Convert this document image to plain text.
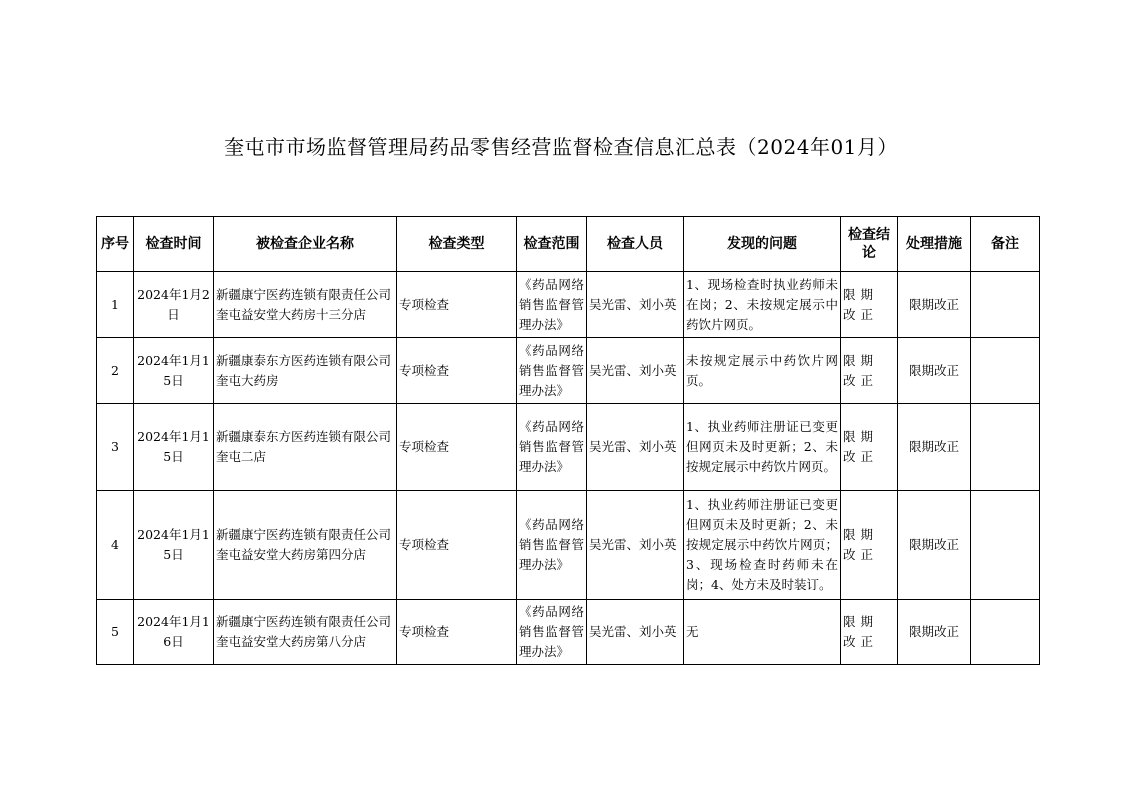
奎屯市市场监督管理局药品零售经营监督检查信息汇总表（2024年01月）
序号	检查时间	被检查企业名称	检查类型	检查范围	检查人员	发现的问题	检查结论	处理措施	备注
1	2024年1月2日	新疆康宁医药连锁有限责任公司奎屯益安堂大药房十三分店	专项检查	《药品网络销售监督管理办法》	吴光雷、刘小英	1、现场检查时执业药师未在岗；2、未按规定展示中药饮片网页。	限期改正	限期改正	
2	2024年1月15日	新疆康泰东方医药连锁有限公司奎屯大药房	专项检查	《药品网络销售监督管理办法》	吴光雷、刘小英	未按规定展示中药饮片网页。	限期改正	限期改正	
3	2024年1月15日	新疆康泰东方医药连锁有限公司奎屯二店	专项检查	《药品网络销售监督管理办法》	吴光雷、刘小英	1、执业药师注册证已变更但网页未及时更新；2、未按规定展示中药饮片网页。	限期改正	限期改正	
4	2024年1月15日	新疆康宁医药连锁有限责任公司奎屯益安堂大药房第四分店	专项检查	《药品网络销售监督管理办法》	吴光雷、刘小英	1、执业药师注册证已变更但网页未及时更新；2、未按规定展示中药饮片网页；3、现场检查时药师未在岗；4、处方未及时装订。	限期改正	限期改正	
5	2024年1月16日	新疆康宁医药连锁有限责任公司奎屯益安堂大药房第八分店	专项检查	《药品网络销售监督管理办法》	吴光雷、刘小英	无	限期改正	限期改正	
